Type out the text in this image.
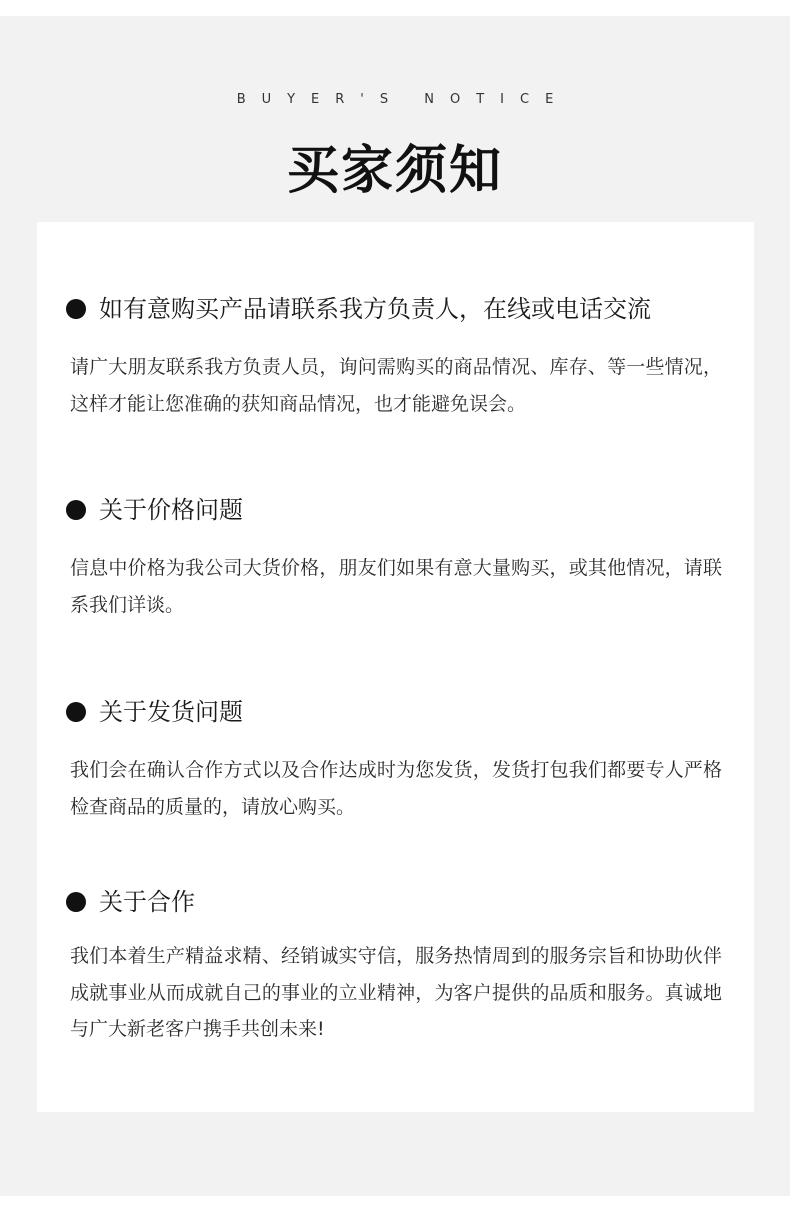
BUYER'S NOTICE
买家须知
如有意购买产品请联系我方负责人，在线或电话交流
请广大朋友联系我方负责人员，询问需购买的商品情况、库存、等一些情况，这样才能让您准确的获知商品情况，也才能避免误会。
关于价格问题
信息中价格为我公司大货价格，朋友们如果有意大量购买，或其他情况，请联系我们详谈。
关于发货问题
我们会在确认合作方式以及合作达成时为您发货，发货打包我们都要专人严格检查商品的质量的，请放心购买。
关于合作
我们本着生产精益求精、经销诚实守信，服务热情周到的服务宗旨和协助伙伴成就事业从而成就自己的事业的立业精神，为客户提供的品质和服务。真诚地与广大新老客户携手共创未来!
